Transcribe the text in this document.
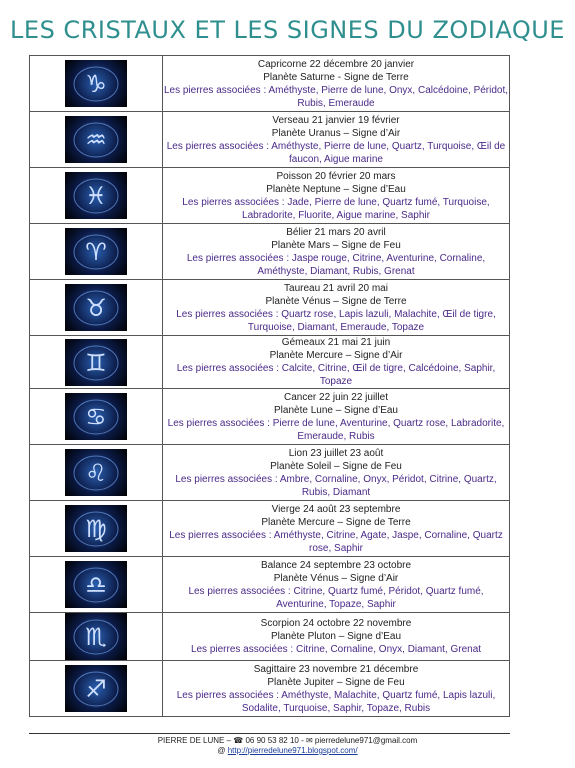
LES CRISTAUX ET LES SIGNES DU ZODIAQUE
♑	Capricorne 22 décembre 20 janvier
Planète Saturne - Signe de Terre
Les pierres associées : Améthyste, Pierre de lune, Onyx, Calcédoine, Péridot, Rubis, Emeraude

♒	Verseau 21 janvier 19 février
Planète Uranus – Signe d’Air
Les pierres associées : Améthyste, Pierre de lune, Quartz, Turquoise, Œil de faucon, Aigue marine

♓	Poisson 20 février 20 mars
Planète Neptune – Signe d’Eau
Les pierres associées : Jade, Pierre de lune, Quartz fumé, Turquoise, Labradorite, Fluorite, Aigue marine, Saphir

♈	Bélier 21 mars 20 avril
Planète Mars – Signe de Feu
Les pierres associées : Jaspe rouge, Citrine, Aventurine, Cornaline, Améthyste, Diamant, Rubis, Grenat

♉	Taureau 21 avril 20 mai
Planète Vénus – Signe de Terre
Les pierres associées : Quartz rose, Lapis lazuli, Malachite, Œil de tigre, Turquoise, Diamant, Emeraude, Topaze

♊	Gémeaux 21 mai 21 juin
Planète Mercure – Signe d’Air
Les pierres associées : Calcite, Citrine, Œil de tigre, Calcédoine, Saphir, Topaze

♋	Cancer 22 juin 22 juillet
Planète Lune – Signe d’Eau
Les pierres associées : Pierre de lune, Aventurine, Quartz rose, Labradorite, Emeraude, Rubis

♌	Lion 23 juillet 23 août
Planète Soleil – Signe de Feu
Les pierres associées : Ambre, Cornaline, Onyx, Péridot, Citrine, Quartz, Rubis, Diamant

♍	Vierge 24 août 23 septembre
Planète Mercure – Signe de Terre
Les pierres associées : Améthyste, Citrine, Agate, Jaspe, Cornaline, Quartz rose, Saphir

♎	Balance 24 septembre 23 octobre
Planète Vénus – Signe d’Air
Les pierres associées : Citrine, Quartz fumé, Péridot, Quartz fumé, Aventurine, Topaze, Saphir

♏	Scorpion 24 octobre 22 novembre
Planète Pluton – Signe d’Eau
Les pierres associées : Citrine, Cornaline, Onyx, Diamant, Grenat

♐	Sagittaire 23 novembre 21 décembre
Planète Jupiter – Signe de Feu
Les pierres associées : Améthyste, Malachite, Quartz fumé, Lapis lazuli, Sodalite, Turquoise, Saphir, Topaze, Rubis
PIERRE DE LUNE – ☎ 06 90 53 82 10 - ✉ pierredelune971@gmail.com
@ http://pierredelune971.blogspot.com/
